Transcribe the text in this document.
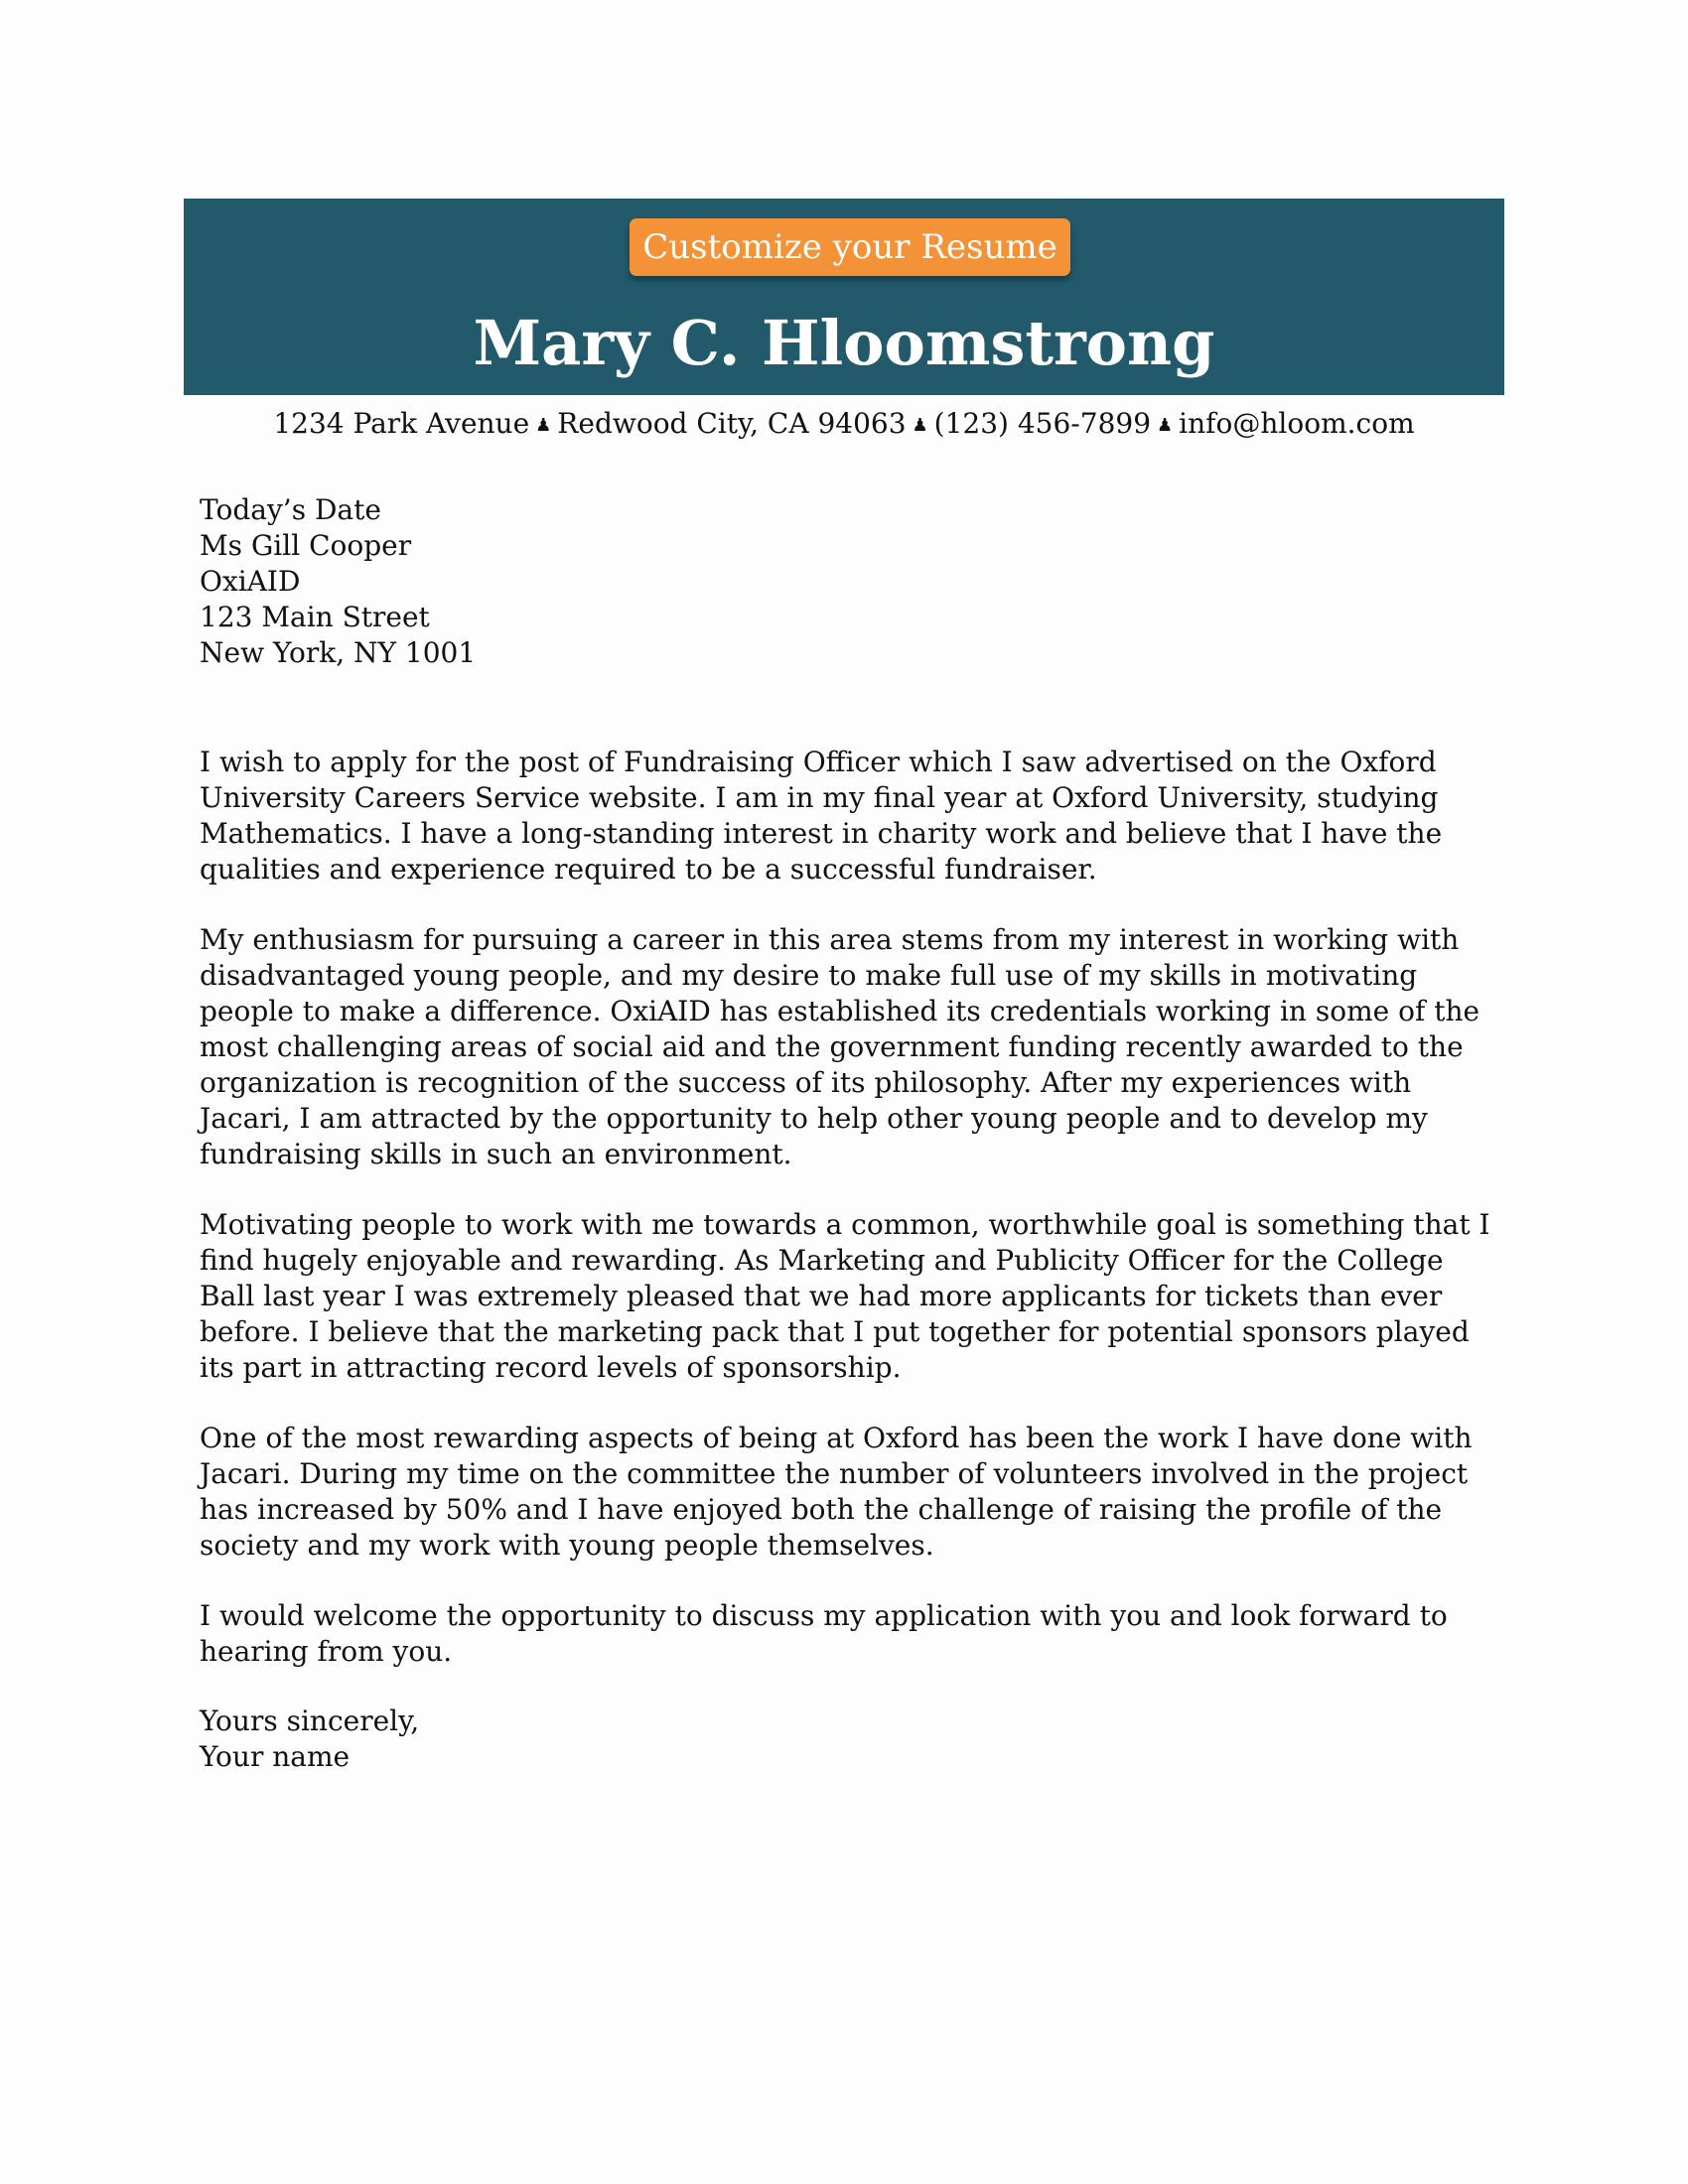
Customize your Resume
Mary C. Hloomstrong
1234 Park Avenue ♟ Redwood City, CA 94063 ♟ (123) 456-7899 ♟ info@hloom.com
Today’s Date
Ms Gill Cooper
OxiAID
123 Main Street
New York, NY 1001

I wish to apply for the post of Fundraising Officer which I saw advertised on the Oxford University Careers Service website. I am in my final year at Oxford University, studying Mathematics. I have a long-standing interest in charity work and believe that I have the qualities and experience required to be a successful fundraiser.

My enthusiasm for pursuing a career in this area stems from my interest in working with disadvantaged young people, and my desire to make full use of my skills in motivating people to make a difference. OxiAID has established its credentials working in some of the most challenging areas of social aid and the government funding recently awarded to the organization is recognition of the success of its philosophy. After my experiences with Jacari, I am attracted by the opportunity to help other young people and to develop my fundraising skills in such an environment.

Motivating people to work with me towards a common, worthwhile goal is something that I find hugely enjoyable and rewarding. As Marketing and Publicity Officer for the College Ball last year I was extremely pleased that we had more applicants for tickets than ever before. I believe that the marketing pack that I put together for potential sponsors played its part in attracting record levels of sponsorship.

One of the most rewarding aspects of being at Oxford has been the work I have done with Jacari. During my time on the committee the number of volunteers involved in the project has increased by 50% and I have enjoyed both the challenge of raising the profile of the society and my work with young people themselves.

I would welcome the opportunity to discuss my application with you and look forward to hearing from you.

Yours sincerely,
Your name
